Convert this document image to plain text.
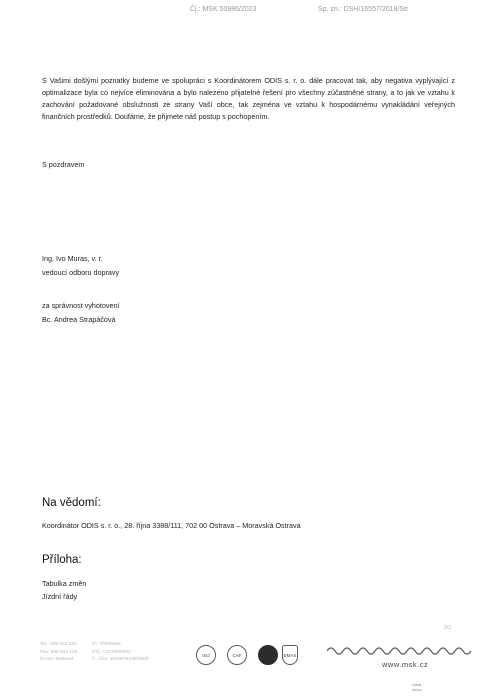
Čj.: MSK 50986/2023	Sp. zn.: DSH/16557/2018/Str
S Vašimi došlými poznatky budeme ve spolupráci s Koordinátorem ODIS s. r. o. dále pracovat tak, aby negativa vyplývající z optimalizace byla co nejvíce eliminována a bylo nalezeno přijatelné řešení pro všechny zúčastněné strany, a to jak ve vztahu k zachování požadované obslužnosti ze strany Vaší obce, tak zejména ve vztahu k hospodárnému vynakládání veřejných finančních prostředků. Doufáme, že přijmete náš postup s pochopením.
S pozdravem
Ing. Ivo Muras, v. r.
vedoucí odboru dopravy
za správnost vyhotovení
Bc. Andrea Strapáčová
Na vědomí:
Koordinátor ODIS s. r. o., 28. října 3388/111, 702 00 Ostrava – Moravská Ostrava
Příloha:
Tabulka změn
Jízdní řády
2/3
Tel.: 595 622 222
Fax: 595 622 126
ID DS: 8x6bxsd
IČ: 70890692
DIČ: CZ70890692
Č. účtu: 1650676349/0800
ISO	CAF	EMAS
www.msk.cz
Vytiskl: ...
Datum: ...
